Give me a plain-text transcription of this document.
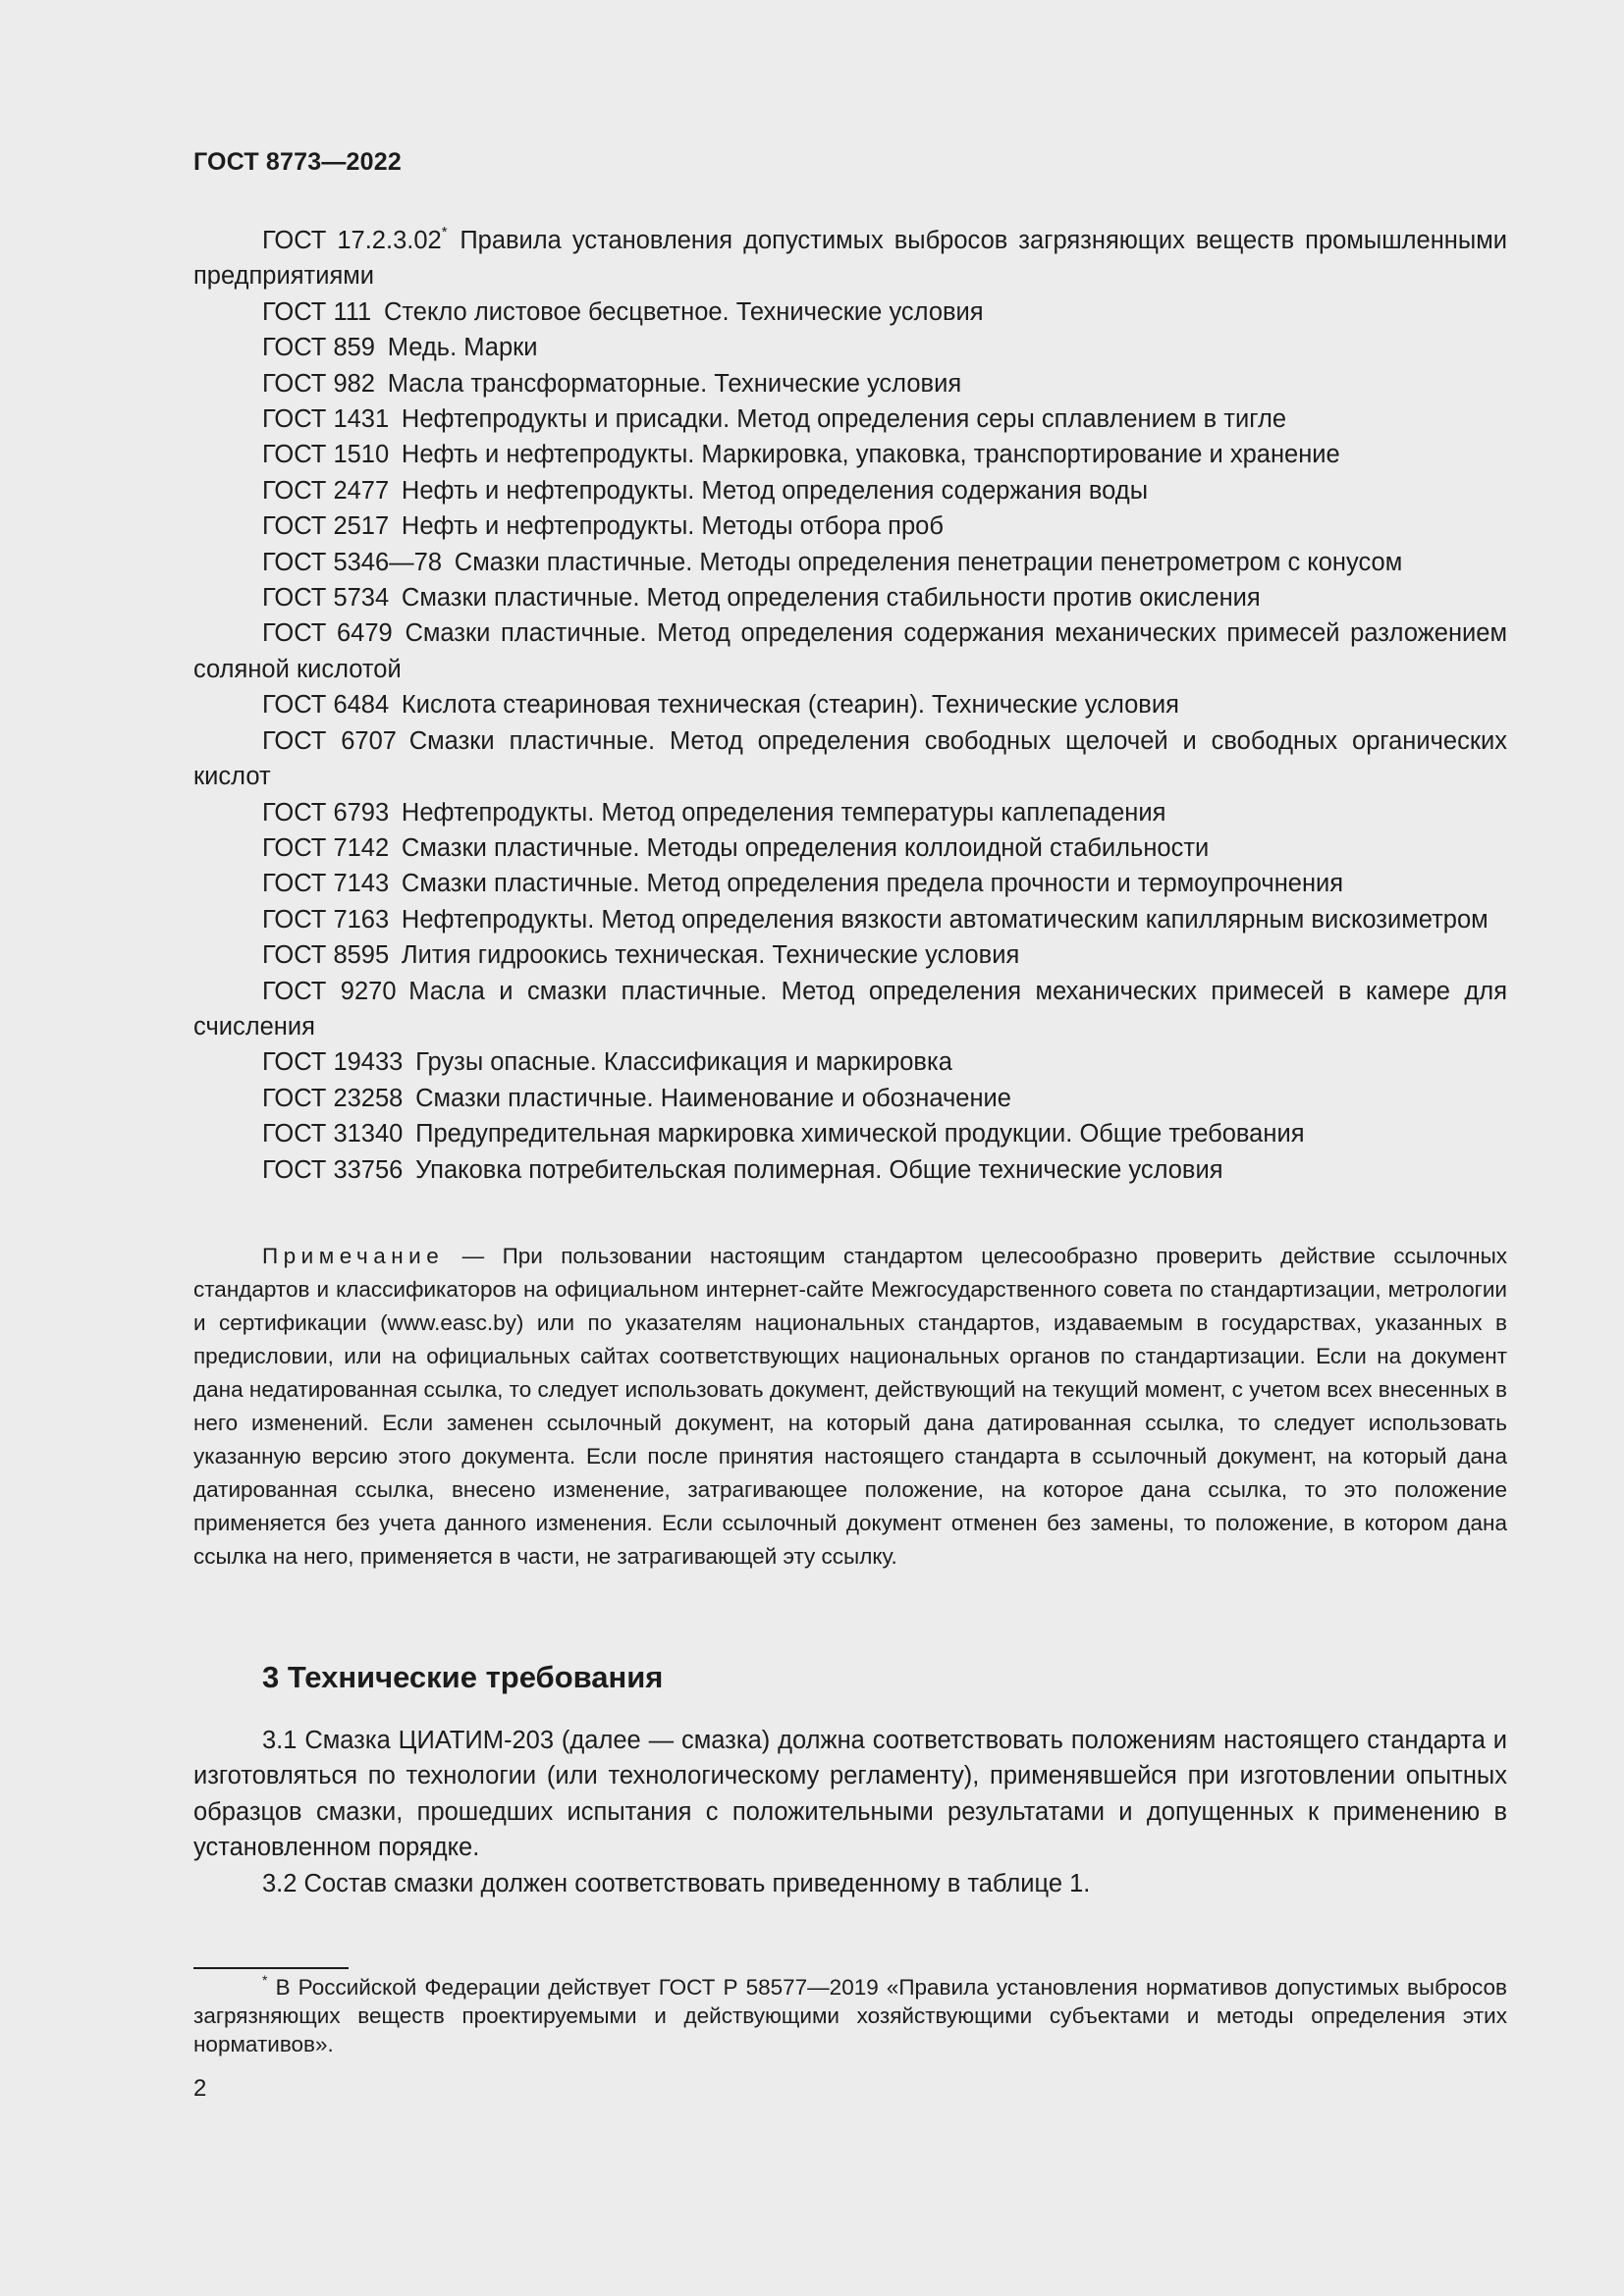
ГОСТ 8773—2022

ГОСТ 17.2.3.02*  Правила установления допустимых выбросов загрязняющих веществ промышленными предприятиями

ГОСТ 111  Стекло листовое бесцветное. Технические условия

ГОСТ 859  Медь. Марки

ГОСТ 982  Масла трансформаторные. Технические условия

ГОСТ 1431  Нефтепродукты и присадки. Метод определения серы сплавлением в тигле

ГОСТ 1510  Нефть и нефтепродукты. Маркировка, упаковка, транспортирование и хранение

ГОСТ 2477  Нефть и нефтепродукты. Метод определения содержания воды

ГОСТ 2517  Нефть и нефтепродукты. Методы отбора проб

ГОСТ 5346—78  Смазки пластичные. Методы определения пенетрации пенетрометром с конусом

ГОСТ 5734  Смазки пластичные. Метод определения стабильности против окисления

ГОСТ 6479  Смазки пластичные. Метод определения содержания механических примесей разложением соляной кислотой

ГОСТ 6484  Кислота стеариновая техническая (стеарин). Технические условия

ГОСТ 6707  Смазки пластичные. Метод определения свободных щелочей и свободных органических кислот

ГОСТ 6793  Нефтепродукты. Метод определения температуры каплепадения

ГОСТ 7142  Смазки пластичные. Методы определения коллоидной стабильности

ГОСТ 7143  Смазки пластичные. Метод определения предела прочности и термоупрочнения

ГОСТ 7163  Нефтепродукты. Метод определения вязкости автоматическим капиллярным вискозиметром

ГОСТ 8595  Лития гидроокись техническая. Технические условия

ГОСТ 9270  Масла и смазки пластичные. Метод определения механических примесей в камере для счисления

ГОСТ 19433  Грузы опасные. Классификация и маркировка

ГОСТ 23258  Смазки пластичные. Наименование и обозначение

ГОСТ 31340  Предупредительная маркировка химической продукции. Общие требования

ГОСТ 33756  Упаковка потребительская полимерная. Общие технические условия

Примечание — При пользовании настоящим стандартом целесообразно проверить действие ссылочных стандартов и классификаторов на официальном интернет-сайте Межгосударственного совета по стандартизации, метрологии и сертификации (www.easc.by) или по указателям национальных стандартов, издаваемым в государствах, указанных в предисловии, или на официальных сайтах соответствующих национальных органов по стандартизации. Если на документ дана недатированная ссылка, то следует использовать документ, действующий на текущий момент, с учетом всех внесенных в него изменений. Если заменен ссылочный документ, на который дана датированная ссылка, то следует использовать указанную версию этого документа. Если после принятия настоящего стандарта в ссылочный документ, на который дана датированная ссылка, внесено изменение, затрагивающее положение, на которое дана ссылка, то это положение применяется без учета данного изменения. Если ссылочный документ отменен без замены, то положение, в котором дана ссылка на него, применяется в части, не затрагивающей эту ссылку.

3 Технические требования

3.1 Смазка ЦИАТИМ-203 (далее — смазка) должна соответствовать положениям настоящего стандарта и изготовляться по технологии (или технологическому регламенту), применявшейся при изготовлении опытных образцов смазки, прошедших испытания с положительными результатами и допущенных к применению в установленном порядке.

3.2 Состав смазки должен соответствовать приведенному в таблице 1.

* В Российской Федерации действует ГОСТ Р 58577—2019 «Правила установления нормативов допустимых выбросов загрязняющих веществ проектируемыми и действующими хозяйствующими субъектами и методы определения этих нормативов».

2
